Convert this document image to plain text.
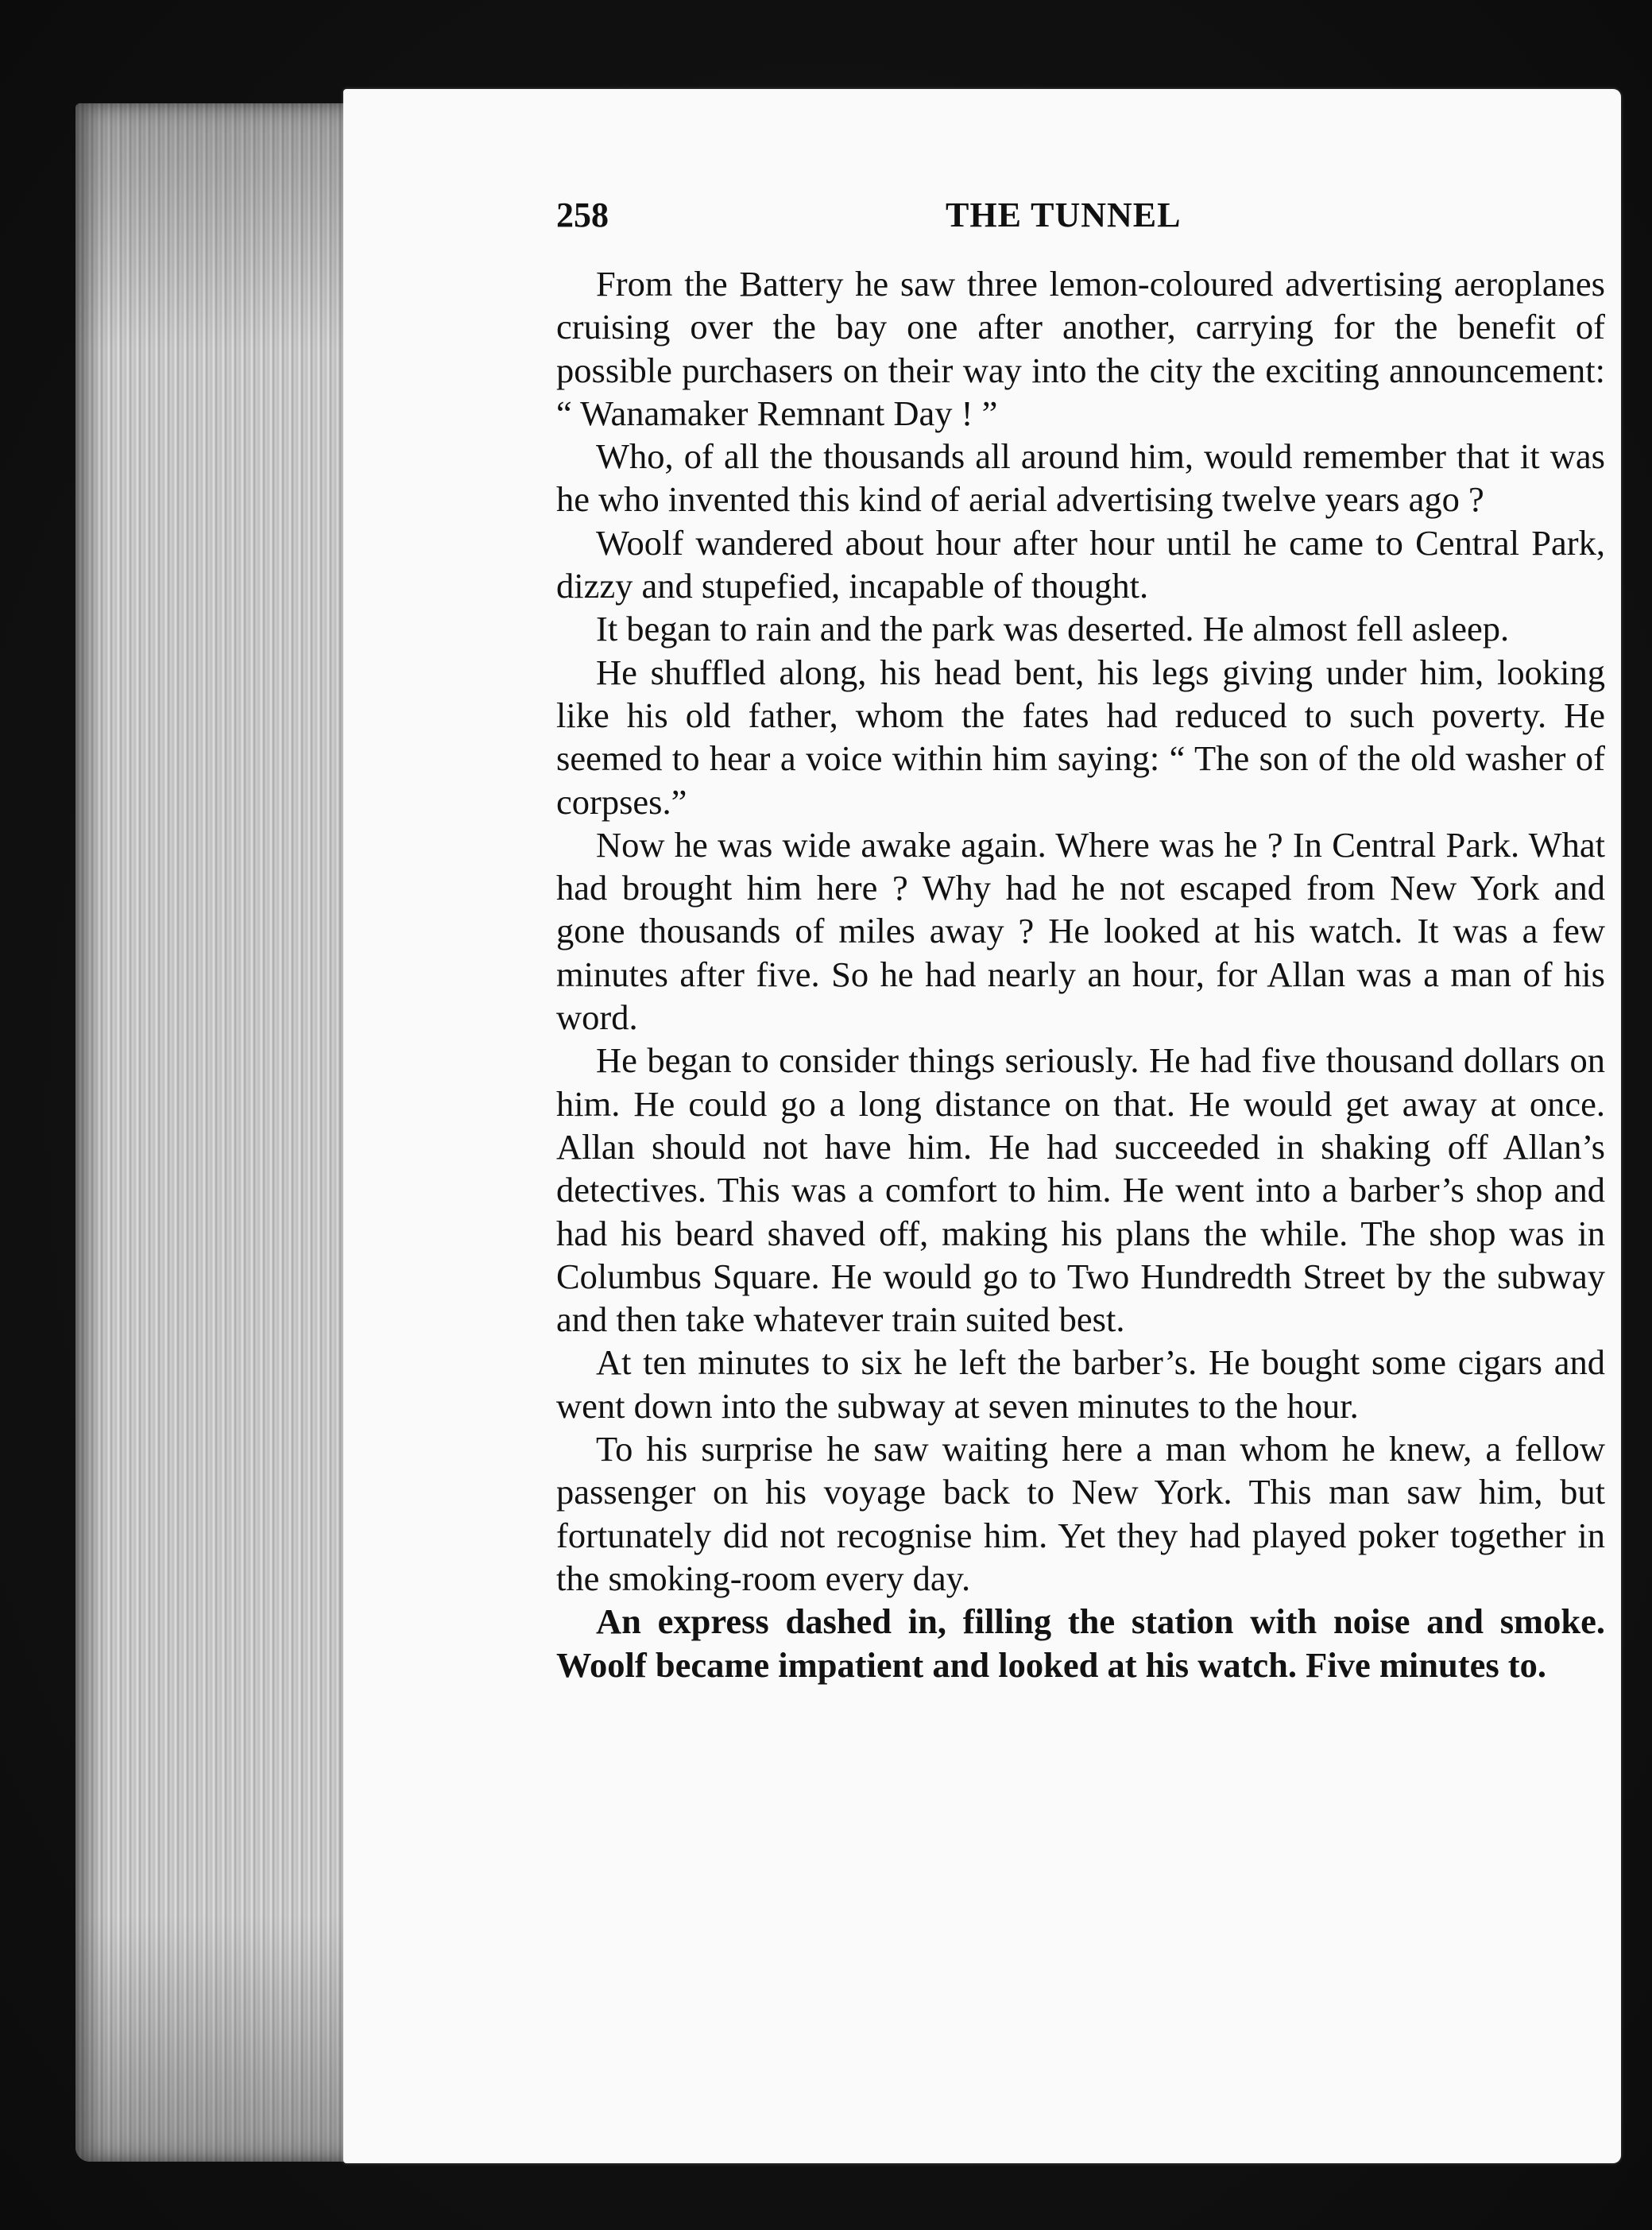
258	THE TUNNEL

From the Battery he saw three lemon-coloured advertising aeroplanes cruising over the bay one after another, carrying for the benefit of possible purchasers on their way into the city the exciting announcement: “ Wanamaker Remnant Day ! ”

Who, of all the thousands all around him, would remember that it was he who invented this kind of aerial advertising twelve years ago ?

Woolf wandered about hour after hour until he came to Central Park, dizzy and stupefied, incapable of thought.

It began to rain and the park was deserted. He almost fell asleep.

He shuffled along, his head bent, his legs giving under him, looking like his old father, whom the fates had reduced to such poverty. He seemed to hear a voice within him saying: “ The son of the old washer of corpses.”

Now he was wide awake again. Where was he ? In Central Park. What had brought him here ? Why had he not escaped from New York and gone thousands of miles away ? He looked at his watch. It was a few minutes after five. So he had nearly an hour, for Allan was a man of his word.

He began to consider things seriously. He had five thousand dollars on him. He could go a long distance on that. He would get away at once. Allan should not have him. He had succeeded in shaking off Allan’s detectives. This was a comfort to him. He went into a barber’s shop and had his beard shaved off, making his plans the while. The shop was in Columbus Square. He would go to Two Hundredth Street by the subway and then take whatever train suited best.

At ten minutes to six he left the barber’s. He bought some cigars and went down into the subway at seven minutes to the hour.

To his surprise he saw waiting here a man whom he knew, a fellow passenger on his voyage back to New York. This man saw him, but fortunately did not recognise him. Yet they had played poker together in the smoking-room every day.

An express dashed in, filling the station with noise and smoke. Woolf became impatient and looked at his watch. Five minutes to.
